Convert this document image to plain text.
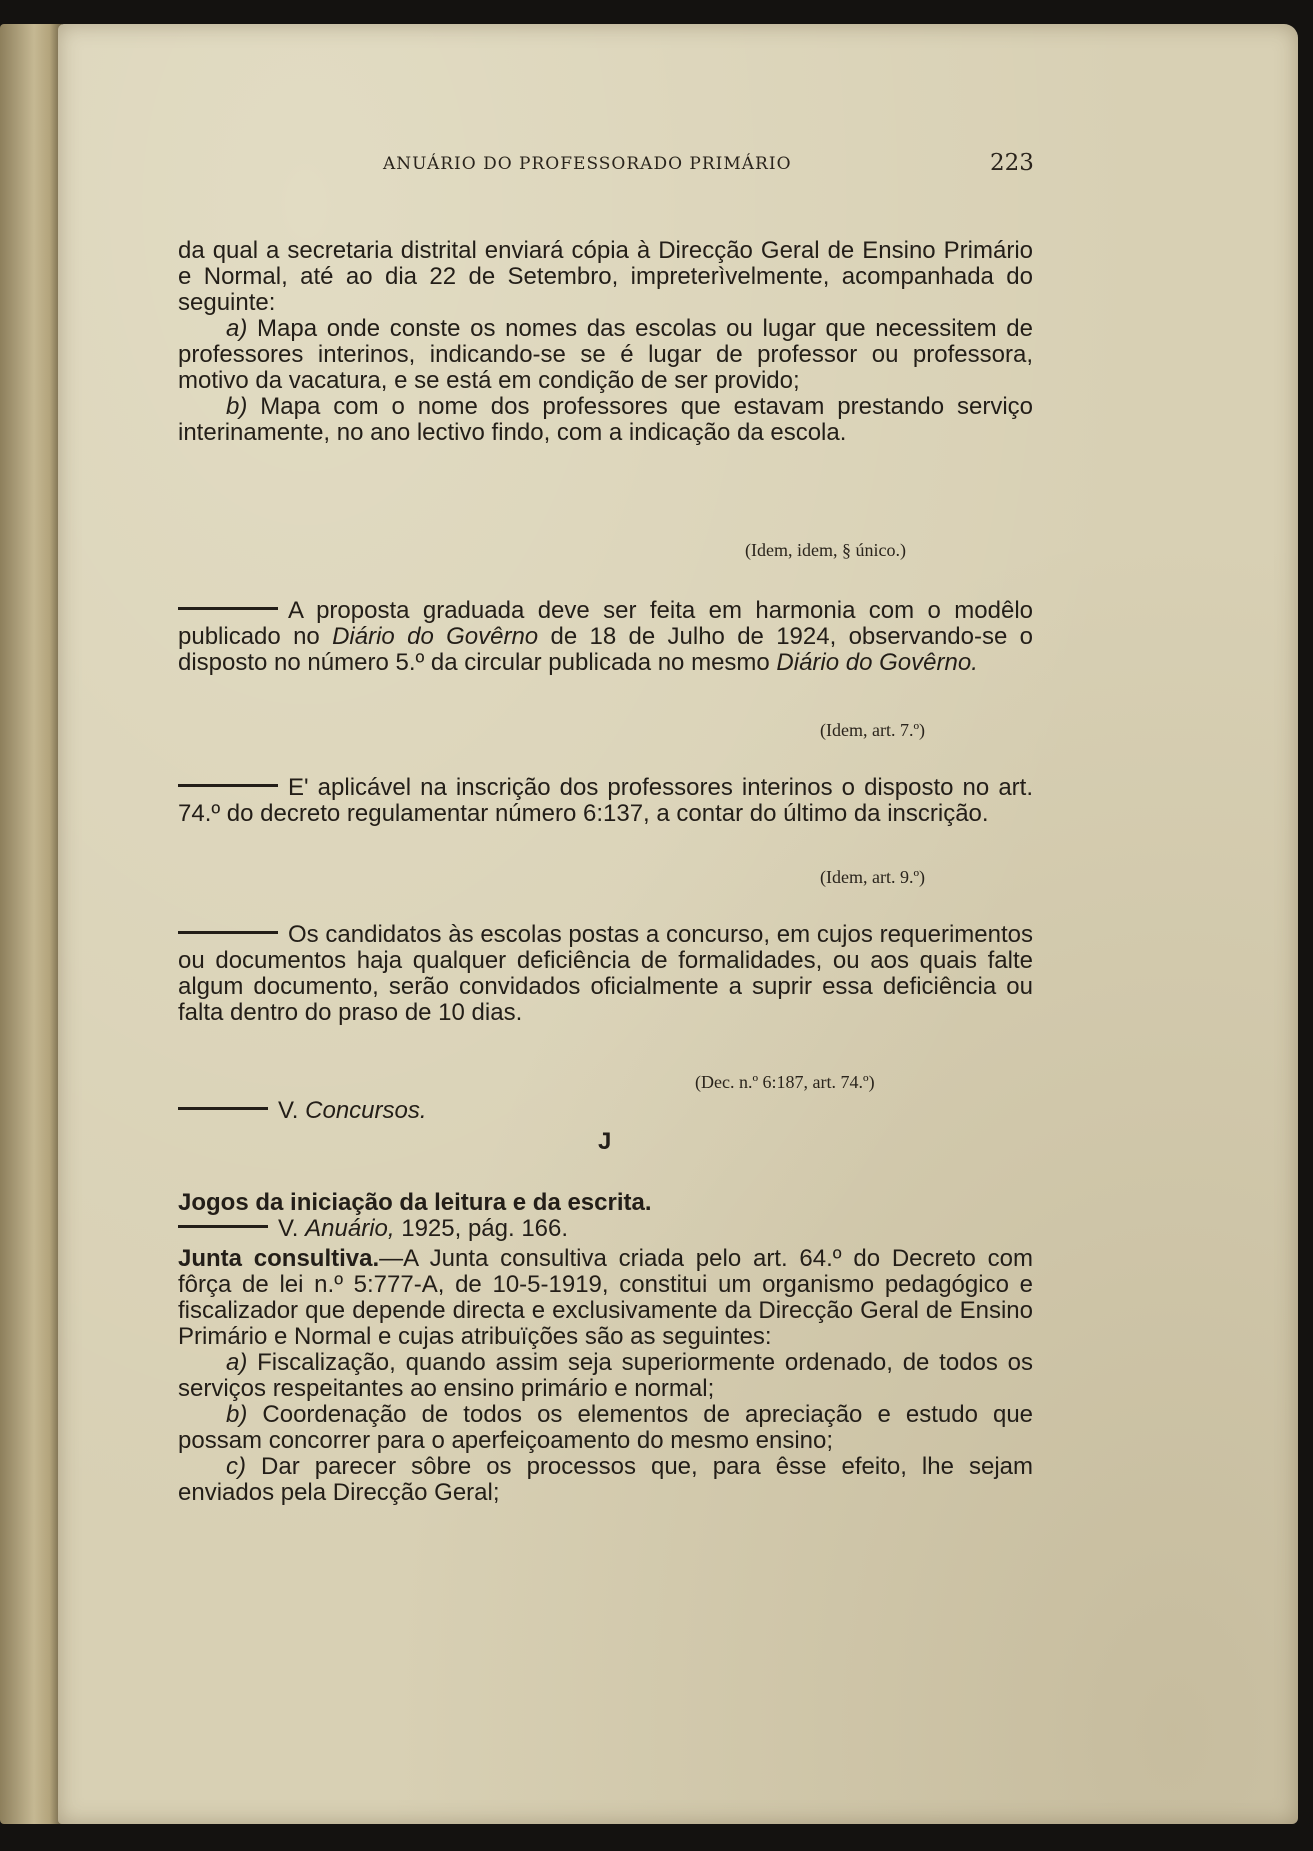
ANUÁRIO DO PROFESSORADO PRIMÁRIO	223

da qual a secretaria distrital enviará cópia à Direcção Geral de Ensino Primário e Normal, até ao dia 22 de Setembro, impreterìvelmente, acompanhada do seguinte:

a) Mapa onde conste os nomes das escolas ou lugar que necessitem de professores interinos, indicando-se se é lugar de professor ou professora, motivo da vacatura, e se está em condição de ser provido;

b) Mapa com o nome dos professores que estavam prestando serviço interinamente, no ano lectivo findo, com a indicação da escola.

(Idem, idem, § único.)

A proposta graduada deve ser feita em harmonia com o modêlo publicado no Diário do Govêrno de 18 de Julho de 1924, observando-se o disposto no número 5.º da circular publicada no mesmo Diário do Govêrno.

(Idem, art. 7.º)

E' aplicável na inscrição dos professores interinos o disposto no art. 74.º do decreto regulamentar número 6:137, a contar do último da inscrição.

(Idem, art. 9.º)

Os candidatos às escolas postas a concurso, em cujos requerimentos ou documentos haja qualquer deficiência de formalidades, ou aos quais falte algum documento, serão convidados oficialmente a suprir essa deficiência ou falta dentro do praso de 10 dias.

(Dec. n.º 6:187, art. 74.º)

V. Concursos.

J

Jogos da iniciação da leitura e da escrita.

V. Anuário, 1925, pág. 166.

Junta consultiva.—A Junta consultiva criada pelo art. 64.º do Decreto com fôrça de lei n.º 5:777-A, de 10-5-1919, constitui um organismo pedagógico e fiscalizador que depende directa e exclusivamente da Direcção Geral de Ensino Primário e Normal e cujas atribuïções são as seguintes:

a) Fiscalização, quando assim seja superiormente ordenado, de todos os serviços respeitantes ao ensino primário e normal;

b) Coordenação de todos os elementos de apreciação e estudo que possam concorrer para o aperfeiçoamento do mesmo ensino;

c) Dar parecer sôbre os processos que, para êsse efeito, lhe sejam enviados pela Direcção Geral;
